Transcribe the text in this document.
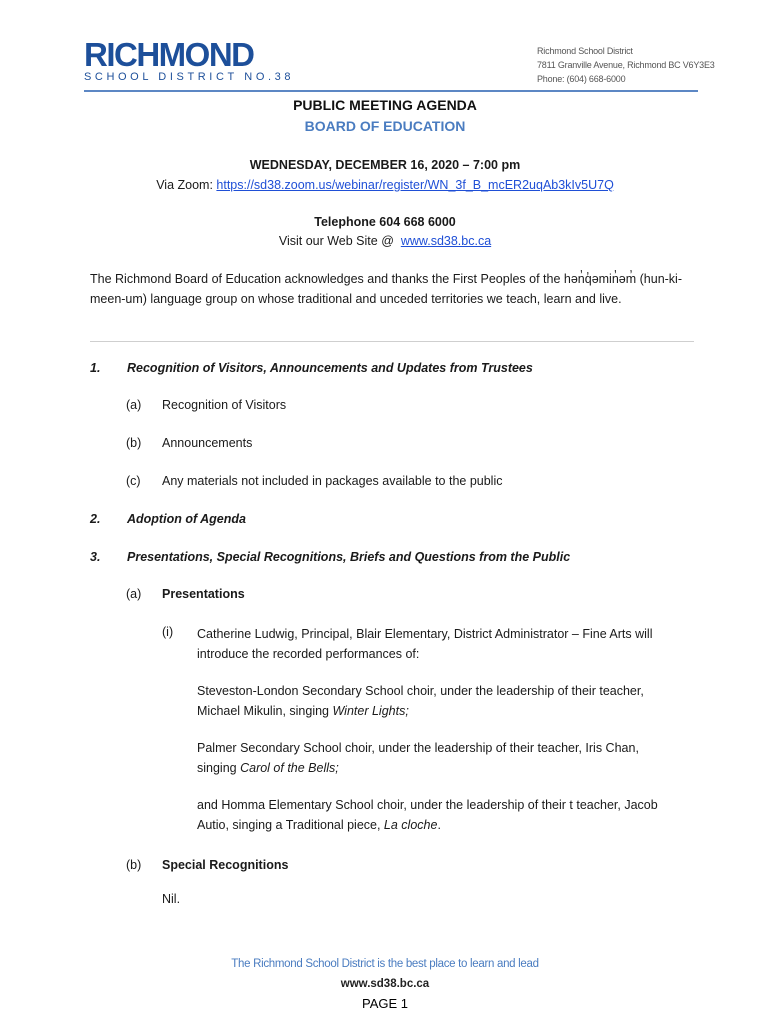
RICHMOND
SCHOOL DISTRICT NO.38
Richmond School District
7811 Granville Avenue, Richmond BC V6Y3E3
Phone: (604) 668-6000
PUBLIC MEETING AGENDA
BOARD OF EDUCATION
WEDNESDAY, DECEMBER 16, 2020 – 7:00 pm
Via Zoom: https://sd38.zoom.us/webinar/register/WN_3f_B_mcER2uqAb3kIv5U7Q
Telephone 604 668 6000
Visit our Web Site @  www.sd38.bc.ca
The Richmond Board of Education acknowledges and thanks the First Peoples of the hən̓q̓əmin̓əm̓ (hun-ki-meen-um) language group on whose traditional and unceded territories we teach, learn and live.
1. Recognition of Visitors, Announcements and Updates from Trustees
(a) Recognition of Visitors
(b) Announcements
(c) Any materials not included in packages available to the public
2. Adoption of Agenda
3. Presentations, Special Recognitions, Briefs and Questions from the Public
(a) Presentations
(i) Catherine Ludwig, Principal, Blair Elementary, District Administrator – Fine Arts will introduce the recorded performances of:
Steveston-London Secondary School choir, under the leadership of their teacher, Michael Mikulin, singing Winter Lights;
Palmer Secondary School choir, under the leadership of their teacher, Iris Chan, singing Carol of the Bells;
and Homma Elementary School choir, under the leadership of their t teacher, Jacob Autio, singing a Traditional piece, La cloche.
(b) Special Recognitions
Nil.
The Richmond School District is the best place to learn and lead
www.sd38.bc.ca
PAGE 1
